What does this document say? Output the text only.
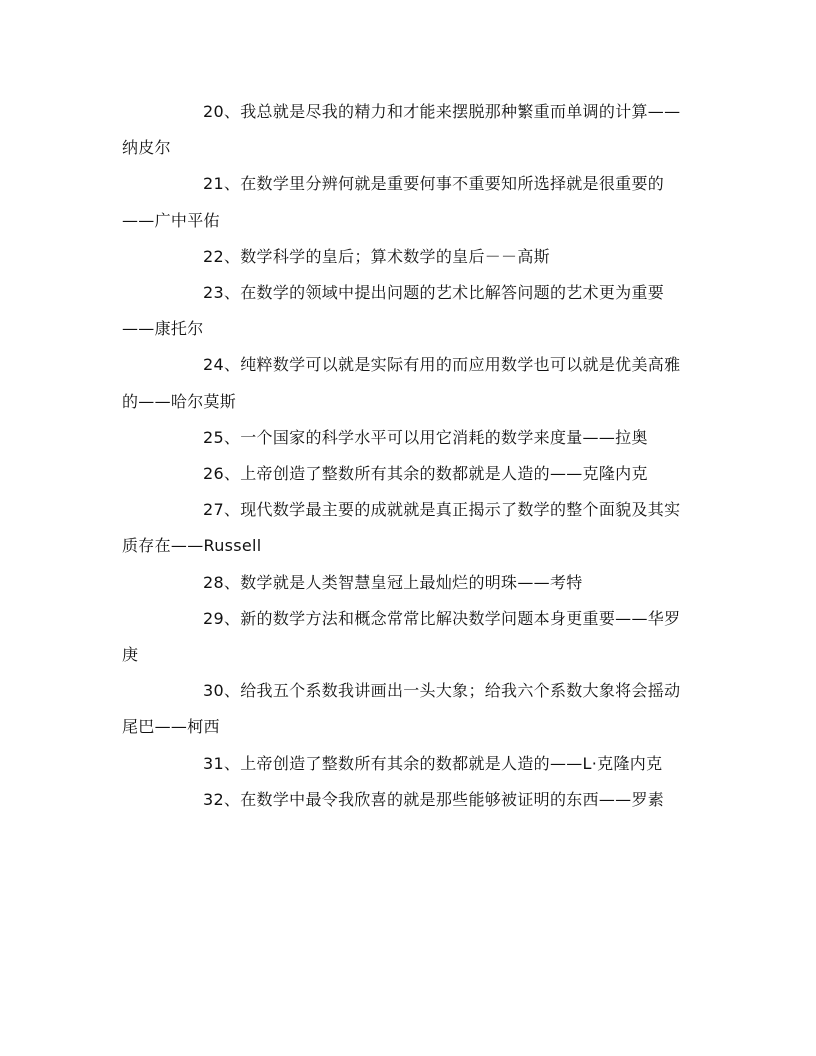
20、我总就是尽我的精力和才能来摆脱那种繁重而单调的计算——纳皮尔

21、在数学里分辨何就是重要何事不重要知所选择就是很重要的——广中平佑

22、数学科学的皇后；算术数学的皇后－－高斯

23、在数学的领域中提出问题的艺术比解答问题的艺术更为重要——康托尔

24、纯粹数学可以就是实际有用的而应用数学也可以就是优美高雅的——哈尔莫斯

25、一个国家的科学水平可以用它消耗的数学来度量——拉奥

26、上帝创造了整数所有其余的数都就是人造的——克隆内克

27、现代数学最主要的成就就是真正揭示了数学的整个面貌及其实质存在——Russell

28、数学就是人类智慧皇冠上最灿烂的明珠——考特

29、新的数学方法和概念常常比解决数学问题本身更重要——华罗庚

30、给我五个系数我讲画出一头大象；给我六个系数大象将会摇动尾巴——柯西

31、上帝创造了整数所有其余的数都就是人造的——L·克隆内克

32、在数学中最令我欣喜的就是那些能够被证明的东西——罗素
